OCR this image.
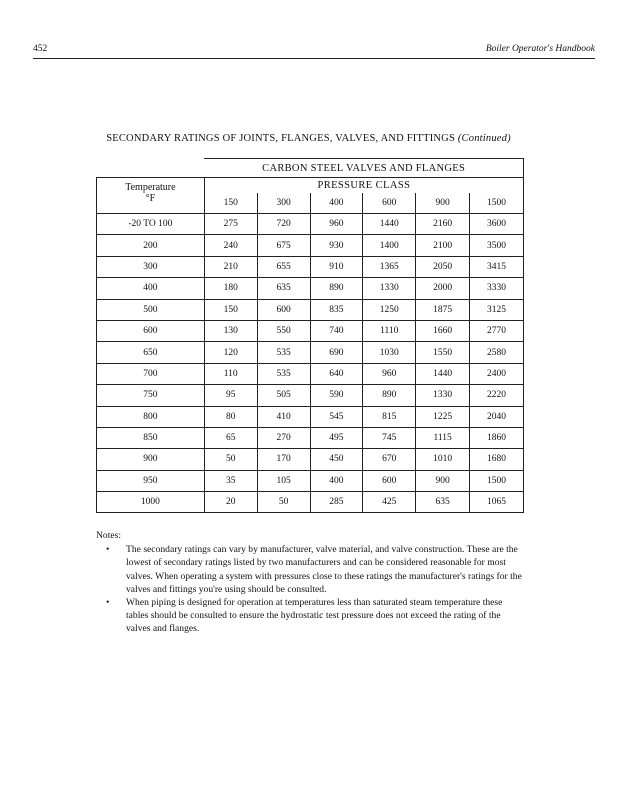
452	Boiler Operator's Handbook
SECONDARY RATINGS OF JOINTS, FLANGES, VALVES, AND FITTINGS (Continued)
	CARBON STEEL VALVES AND FLANGES					
Temperature
°F	PRESSURE CLASS					
	150	300	400	600	900	1500
-20 TO 100	275	720	960	1440	2160	3600
200	240	675	930	1400	2100	3500
300	210	655	910	1365	2050	3415
400	180	635	890	1330	2000	3330
500	150	600	835	1250	1875	3125
600	130	550	740	1110	1660	2770
650	120	535	690	1030	1550	2580
700	110	535	640	960	1440	2400
750	95	505	590	890	1330	2220
800	80	410	545	815	1225	2040
850	65	270	495	745	1115	1860
900	50	170	450	670	1010	1680
950	35	105	400	600	900	1500
1000	20	50	285	425	635	1065
Notes:
• The secondary ratings can vary by manufacturer, valve material, and valve construction. These are the lowest of secondary ratings listed by two manufacturers and can be considered reasonable for most valves. When operating a system with pressures close to these ratings the manufacturer's ratings for the valves and fittings you're using should be consulted.
• When piping is designed for operation at temperatures less than saturated steam temperature these tables should be consulted to ensure the hydrostatic test pressure does not exceed the rating of the valves and flanges.
